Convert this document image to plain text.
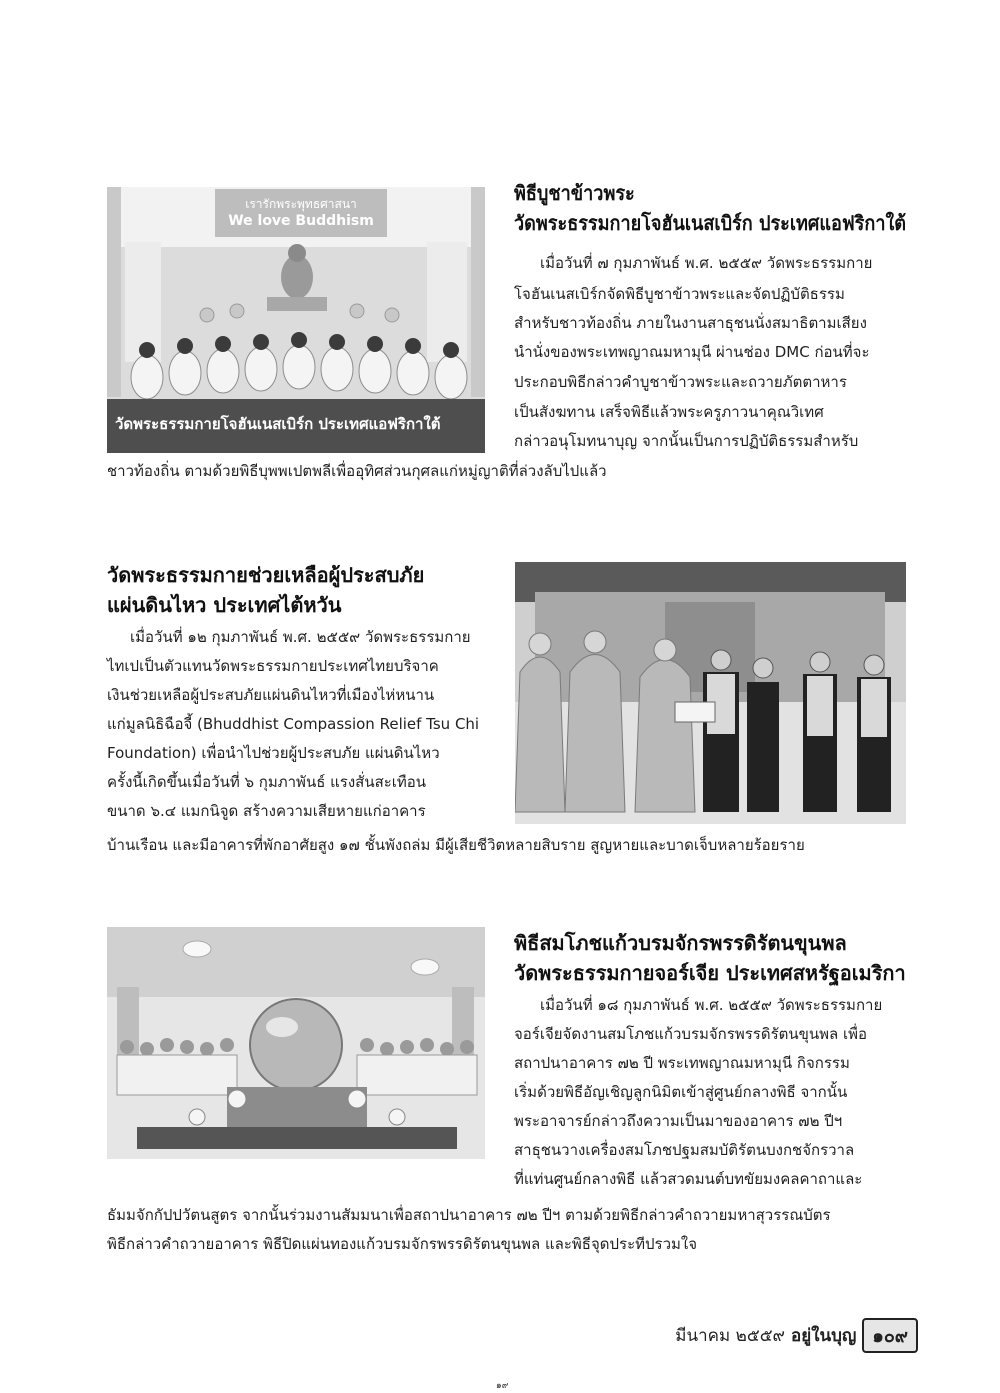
เรารักพระพุทธศาสนา
We love Buddhism
วัดพระธรรมกายโจฮันเนสเบิร์ก ประเทศแอฟริกาใต้
พิธีบูชาข้าวพระ
วัดพระธรรมกายโจฮันเนสเบิร์ก ประเทศแอฟริกาใต้
เมื่อวันที่ ๗ กุมภาพันธ์ พ.ศ. ๒๕๕๙ วัดพระธรรมกาย
โจฮันเนสเบิร์กจัดพิธีบูชาข้าวพระและจัดปฏิบัติธรรม
สำหรับชาวท้องถิ่น ภายในงานสาธุชนนั่งสมาธิตามเสียง
นำนั่งของพระเทพญาณมหามุนี ผ่านช่อง DMC ก่อนที่จะ
ประกอบพิธีกล่าวคำบูชาข้าวพระและถวายภัตตาหาร
เป็นสังฆทาน เสร็จพิธีแล้วพระครูภาวนาคุณวิเทศ
กล่าวอนุโมทนาบุญ จากนั้นเป็นการปฏิบัติธรรมสำหรับ
ชาวท้องถิ่น ตามด้วยพิธีบุพพเปตพลีเพื่ออุทิศส่วนกุศลแก่หมู่ญาติที่ล่วงลับไปแล้ว
วัดพระธรรมกายช่วยเหลือผู้ประสบภัย
แผ่นดินไหว ประเทศไต้หวัน
เมื่อวันที่ ๑๒ กุมภาพันธ์ พ.ศ. ๒๕๕๙ วัดพระธรรมกาย
ไทเปเป็นตัวแทนวัดพระธรรมกายประเทศไทยบริจาค
เงินช่วยเหลือผู้ประสบภัยแผ่นดินไหวที่เมืองไห่หนาน
แก่มูลนิธิฉือจี้ (Bhuddhist Compassion Relief Tsu Chi
Foundation) เพื่อนำไปช่วยผู้ประสบภัย แผ่นดินไหว
ครั้งนี้เกิดขึ้นเมื่อวันที่ ๖ กุมภาพันธ์ แรงสั่นสะเทือน
ขนาด ๖.๔ แมกนิจูด สร้างความเสียหายแก่อาคาร
บ้านเรือน และมีอาคารที่พักอาศัยสูง ๑๗ ชั้นพังถล่ม มีผู้เสียชีวิตหลายสิบราย สูญหายและบาดเจ็บหลายร้อยราย
พิธีสมโภชแก้วบรมจักรพรรดิรัตนขุนพล
วัดพระธรรมกายจอร์เจีย ประเทศสหรัฐอเมริกา
เมื่อวันที่ ๑๘ กุมภาพันธ์ พ.ศ. ๒๕๕๙ วัดพระธรรมกาย
จอร์เจียจัดงานสมโภชแก้วบรมจักรพรรดิรัตนขุนพล เพื่อ
สถาปนาอาคาร ๗๒ ปี พระเทพญาณมหามุนี กิจกรรม
เริ่มด้วยพิธีอัญเชิญลูกนิมิตเข้าสู่ศูนย์กลางพิธี จากนั้น
พระอาจารย์กล่าวถึงความเป็นมาของอาคาร ๗๒ ปีฯ
สาธุชนวางเครื่องสมโภชปฐมสมบัติรัตนบงกชจักรวาล
ที่แท่นศูนย์กลางพิธี แล้วสวดมนต์บทขัยมงคลคาถาและ
ธัมมจักกัปปวัตนสูตร จากนั้นร่วมงานสัมมนาเพื่อสถาปนาอาคาร ๗๒ ปีฯ ตามด้วยพิธีกล่าวคำถวายมหาสุวรรณบัตร
พิธีกล่าวคำถวายอาคาร พิธีปิดแผ่นทองแก้วบรมจักรพรรดิรัตนขุนพล และพิธีจุดประทีปรวมใจ
มีนาคม ๒๕๕๙ อยู่ในบุญ ๑๐๙
๑๙
